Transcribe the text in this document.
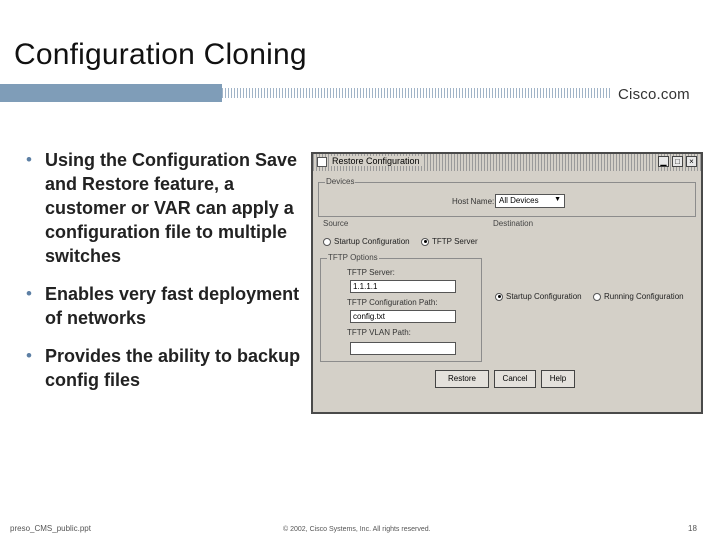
Configuration Cloning
Cisco.com
• Using the Configuration Save and Restore feature, a customer or VAR can apply a configuration file to multiple switches
• Enables very fast deployment of networks
• Provides the ability to backup config files
Restore Configuration	▁	□	×
Devices
Host Name: All Devices ▼
Source
Startup Configuration	TFTP Server
Destination
Startup Configuration	Running Configuration
TFTP Options
TFTP Server:
1.1.1.1
TFTP Configuration Path:
config.txt
TFTP VLAN Path:
Restore	Cancel	Help
preso_CMS_public.ppt	© 2002, Cisco Systems, Inc. All rights reserved.	18
